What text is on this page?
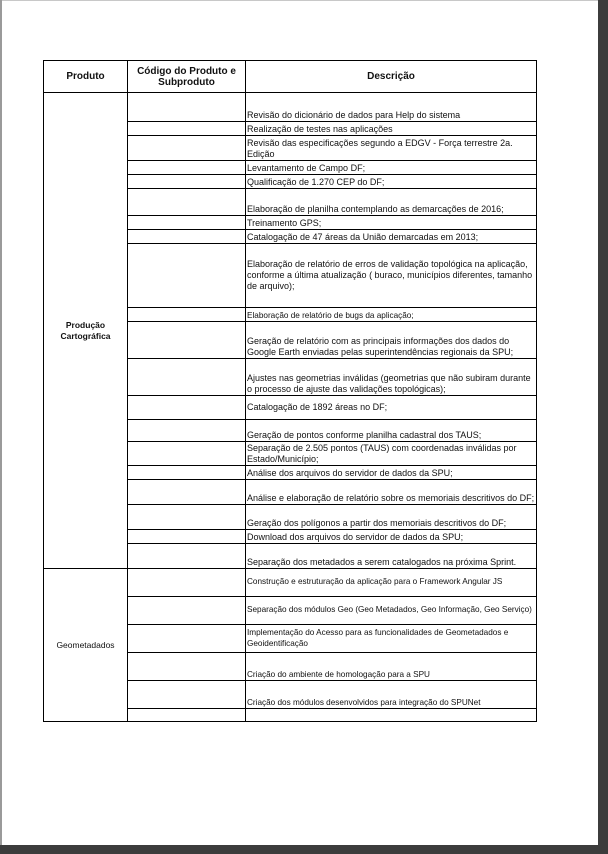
Produto	Código do Produto e Subproduto	Descrição
Produção Cartográfica		Revisão do dicionário de dados para Help do sistema
		Realização de testes nas aplicações
		Revisão das especificações segundo a EDGV - Força terrestre 2a. Edição
		Levantamento de Campo DF;
		Qualificação de 1.270 CEP do DF;
		Elaboração de planilha contemplando as demarcações de 2016;
		Treinamento GPS;
		Catalogação de 47 áreas da União demarcadas em 2013;
		Elaboração de relatório de erros de validação topológica na aplicação, conforme a última atualização ( buraco, municípios diferentes, tamanho de arquivo);
		Elaboração de relatório de bugs da aplicação;
		Geração de relatório com as principais informações dos dados do Google Earth enviadas pelas superintendências regionais da SPU;
		Ajustes nas geometrias inválidas (geometrias que não subiram durante o processo de ajuste das validações topológicas);
		Catalogação de 1892 áreas no DF;
		Geração de pontos conforme planilha cadastral dos TAUS;
		Separação de 2.505 pontos (TAUS) com coordenadas inválidas por Estado/Município;
		Análise dos arquivos do servidor de dados da SPU;
		Análise e elaboração de relatório sobre os memoriais descritivos do DF;
		Geração dos polígonos a partir dos memoriais descritivos do DF;
		Download dos arquivos do servidor de dados da SPU;
		Separação dos metadados a serem catalogados na próxima Sprint.
Geometadados		Construção e estruturação da aplicação para o Framework Angular JS
		Separação dos módulos Geo (Geo Metadados, Geo Informação, Geo Serviço)
		Implementação do Acesso para as funcionalidades de Geometadados e Geoidentificação
		Criação do ambiente de homologação para a SPU
		Criação dos módulos desenvolvidos para integração do SPUNet
